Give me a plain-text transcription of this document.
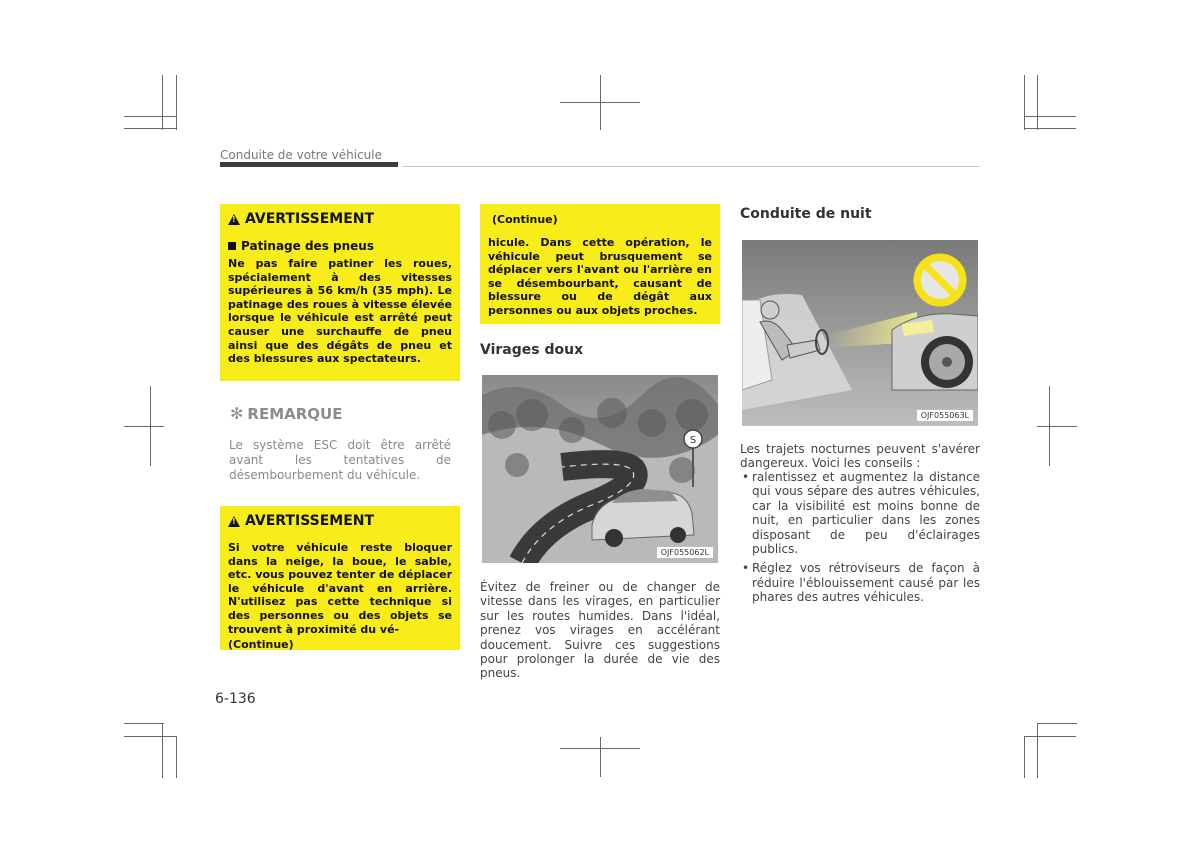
Conduite de votre véhicule
!
AVERTISSEMENT
Patinage des pneus
Ne pas faire patiner les roues, spécialement à des vitesses supérieures à 56 km/h (35 mph). Le patinage des roues à vitesse élevée lorsque le véhicule est arrêté peut causer une surchauffe de pneu ainsi que des dégâts de pneu et des blessures aux spectateurs.
✻ REMARQUE
Le système ESC doit être arrêté avant les tentatives de désembourbement du véhicule.
!
AVERTISSEMENT
Si votre véhicule reste bloquer dans la neige, la boue, le sable, etc. vous pouvez tenter de déplacer le véhicule d'avant en arrière. N'utilisez pas cette technique si des personnes ou des objets se trouvent à proximité du vé-
(Continue)
(Continue)
hicule. Dans cette opération, le véhicule peut brusquement se déplacer vers l'avant ou l'arrière en se désembourbant, causant de blessure ou de dégât aux personnes ou aux objets proches.
Virages doux
S
OJF055062L
Évitez de freiner ou de changer de vitesse dans les virages, en particulier sur les routes humides. Dans l'idéal, prenez vos virages en accélérant doucement. Suivre ces suggestions pour prolonger la durée de vie des pneus.
Conduite de nuit
OJF055063L
Les trajets nocturnes peuvent s'avérer dangereux. Voici les conseils :
• ralentissez et augmentez la distance qui vous sépare des autres véhicules, car la visibilité est moins bonne de nuit, en particulier dans les zones disposant de peu d'éclairages publics.
• Réglez vos rétroviseurs de façon à réduire l'éblouissement causé par les phares des autres véhicules.
6-136
